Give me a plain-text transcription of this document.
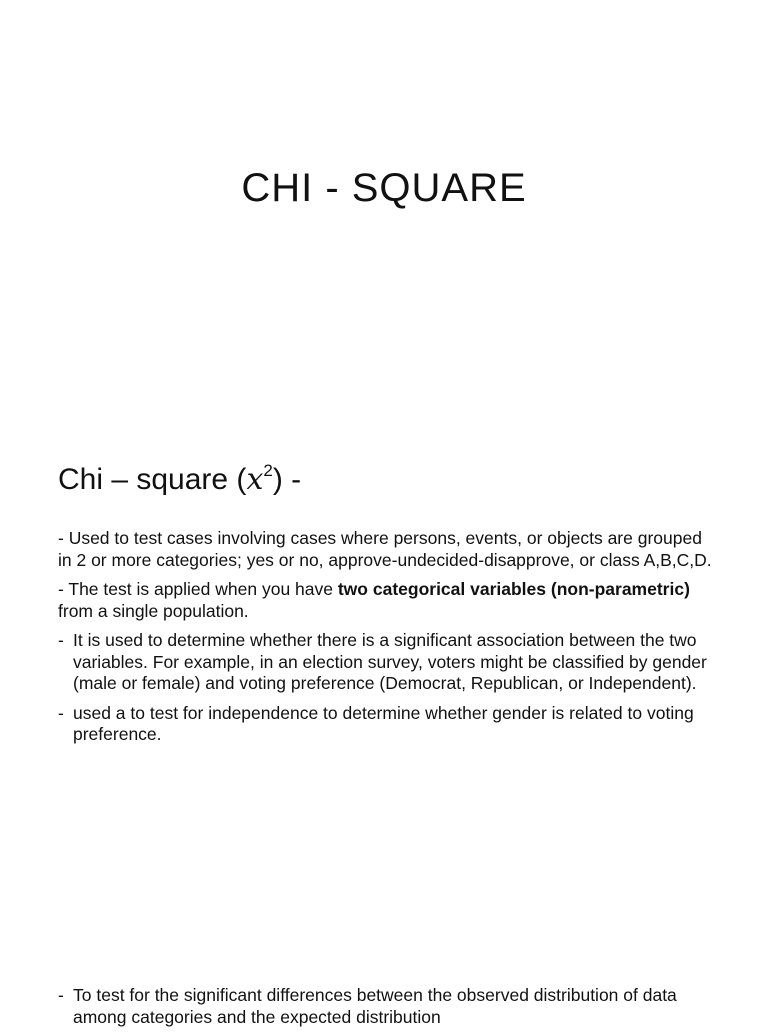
CHI - SQUARE
Chi – square $(x^2)$ -

- Used to test cases involving cases where persons, events, or objects are grouped in 2 or more categories; yes or no, approve-undecided-disapprove, or class A,B,C,D.

- The test is applied when you have two categorical variables (non-parametric) from a single population.

- It is used to determine whether there is a significant association between the two variables. For example, in an election survey, voters might be classified by gender (male or female) and voting preference (Democrat, Republican, or Independent).
- used a to test for independence to determine whether gender is related to voting preference.
- To test for the significant differences between the observed distribution of data among categories and the expected distribution
